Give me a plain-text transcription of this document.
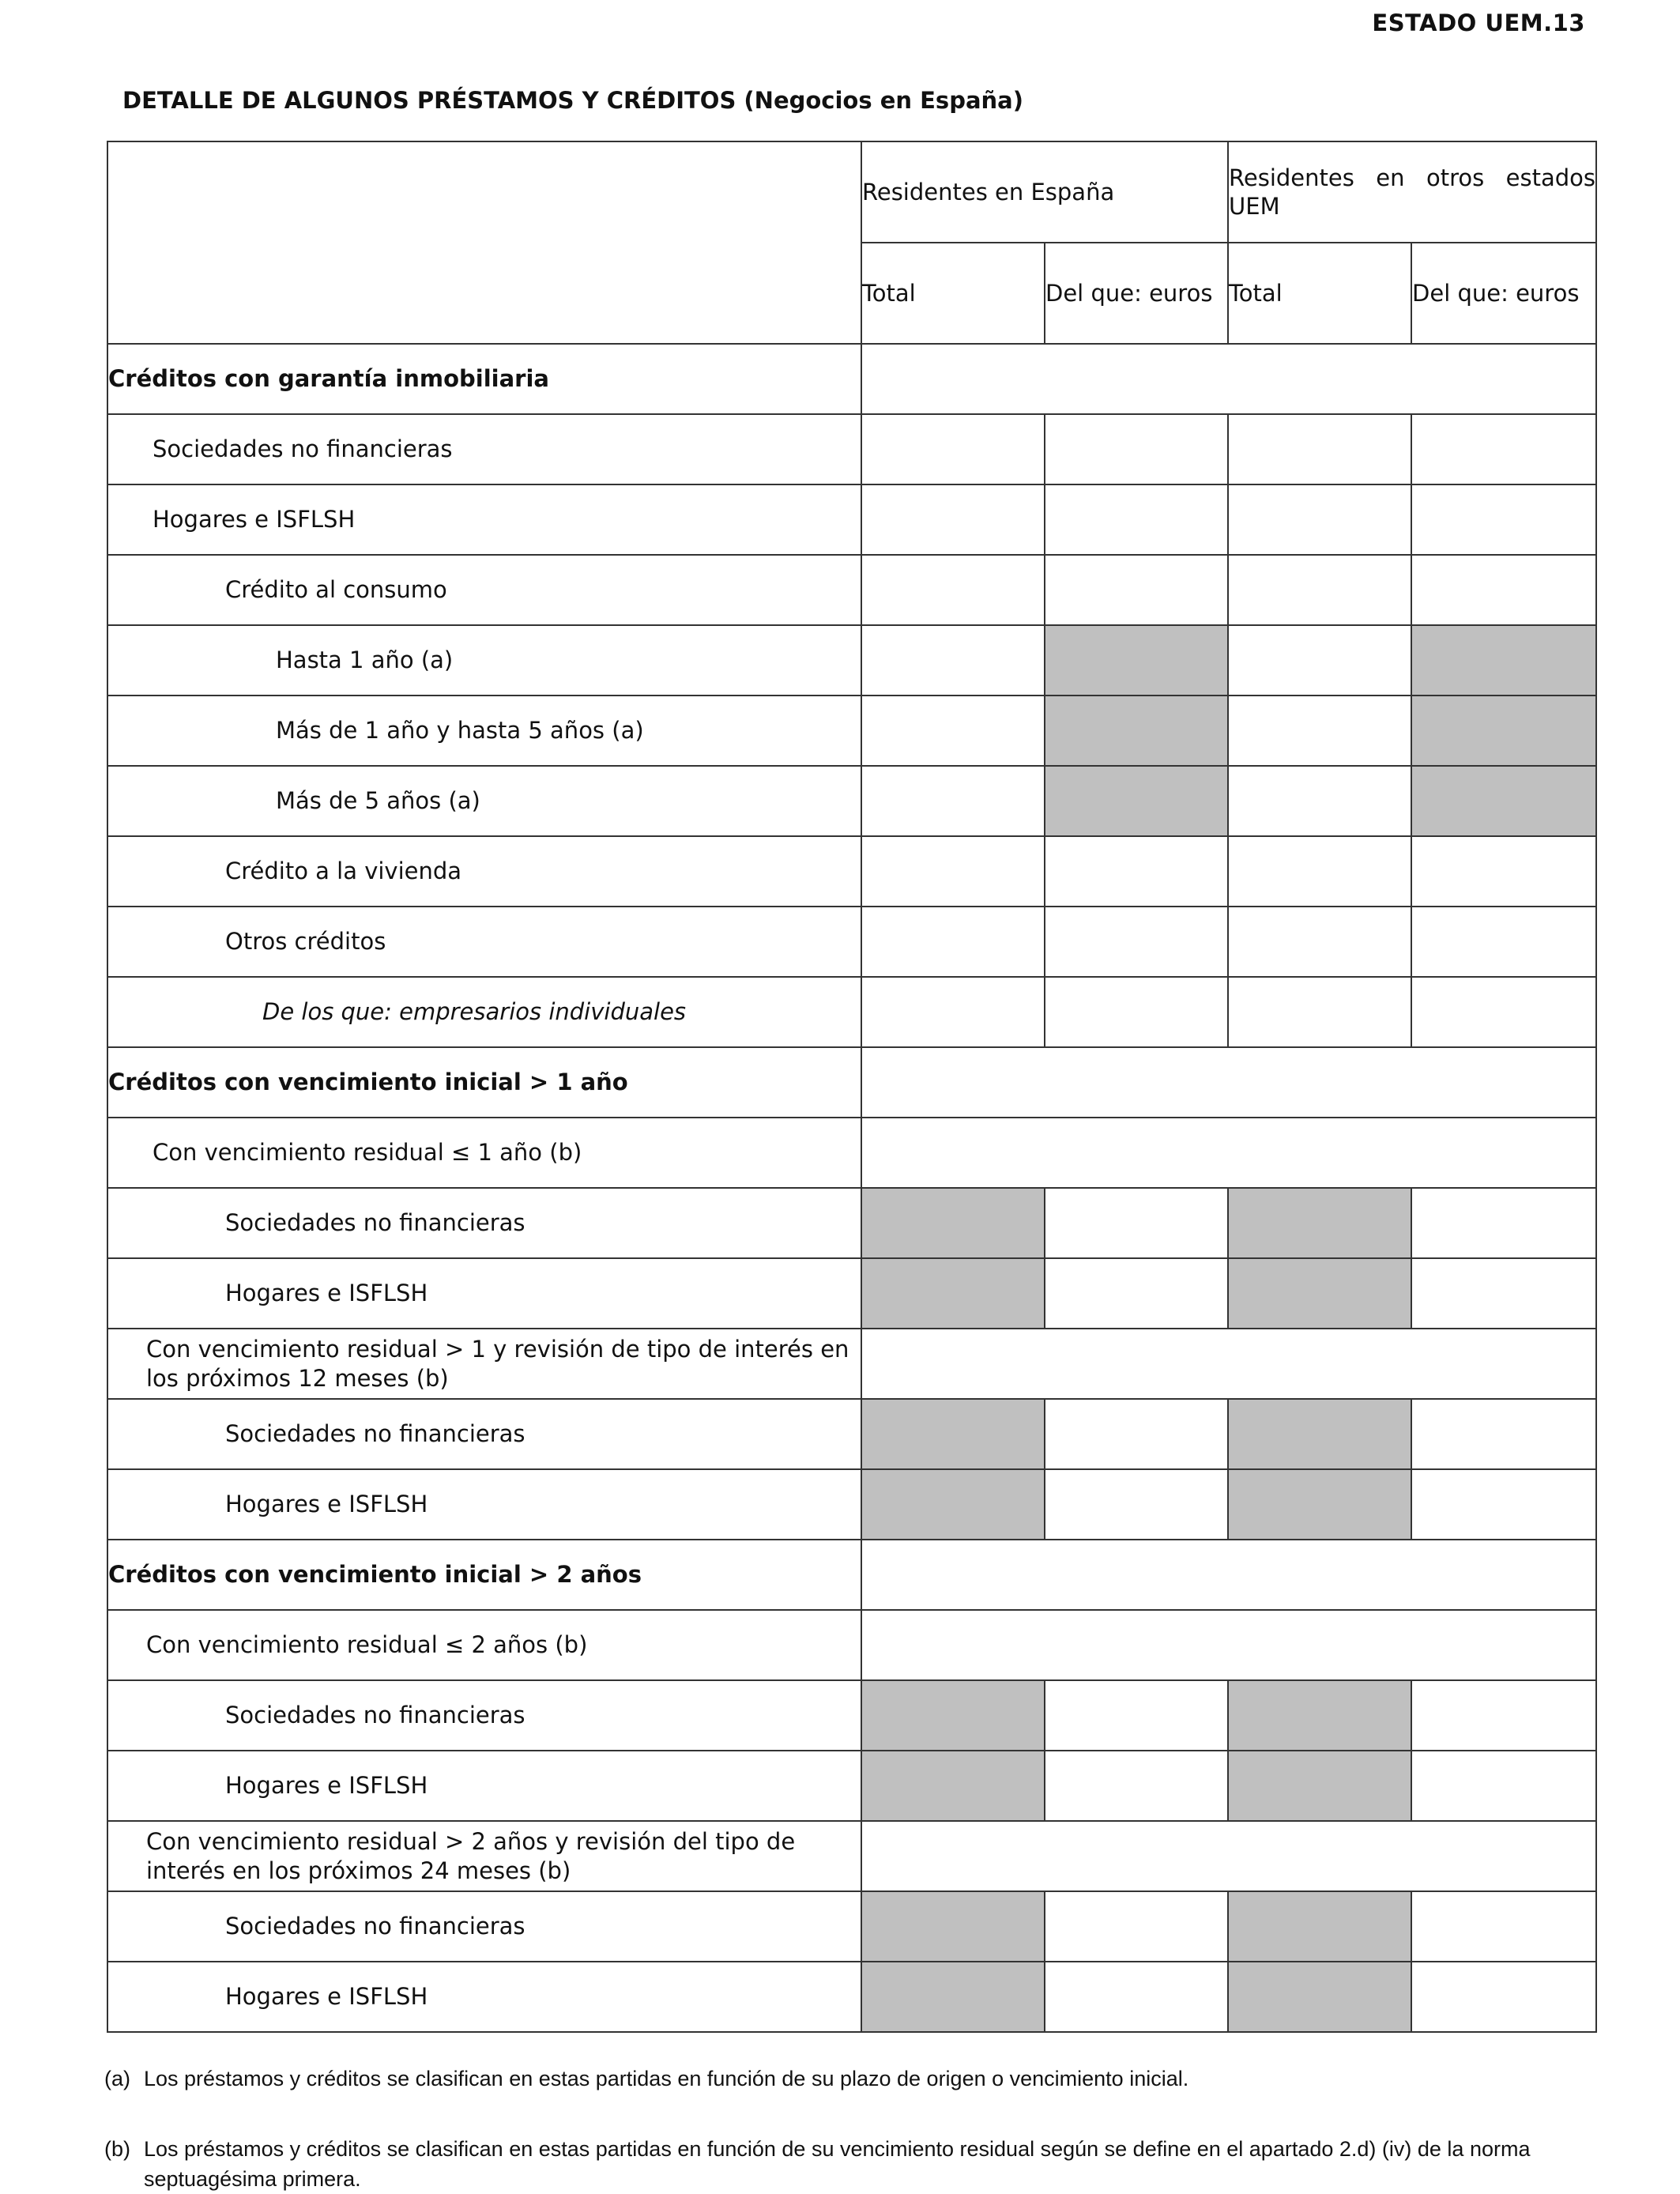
ESTADO UEM.13
DETALLE DE ALGUNOS PRÉSTAMOS Y CRÉDITOS (Negocios en España)
	Residentes en España		Residentes en otros estados UEM	

	Total	Del que: euros	Total	Del que: euros
Créditos con garantía inmobiliaria				
Sociedades no financieras				
Hogares e ISFLSH				
Crédito al consumo				
Hasta 1 año (a)				
Más de 1 año y hasta 5 años (a)				
Más de 5 años (a)				
Crédito a la vivienda				
Otros créditos				
De los que: empresarios individuales				
Créditos con vencimiento inicial > 1 año				
Con vencimiento residual ≤ 1 año (b)				
Sociedades no financieras				
Hogares e ISFLSH				
Con vencimiento residual > 1 y revisión de tipo de interés en los próximos 12 meses (b)				
Sociedades no financieras				
Hogares e ISFLSH				
Créditos con vencimiento inicial > 2 años				
Con vencimiento residual ≤ 2 años (b)				
Sociedades no financieras				
Hogares e ISFLSH				
Con vencimiento residual > 2 años y revisión del tipo de interés en los próximos 24 meses (b)				
Sociedades no financieras				
Hogares e ISFLSH				
(a) Los préstamos y créditos se clasifican en estas partidas en función de su plazo de origen o vencimiento inicial.
(b) Los préstamos y créditos se clasifican en estas partidas en función de su vencimiento residual según se define en el apartado 2.d) (iv) de la norma septuagésima primera.
